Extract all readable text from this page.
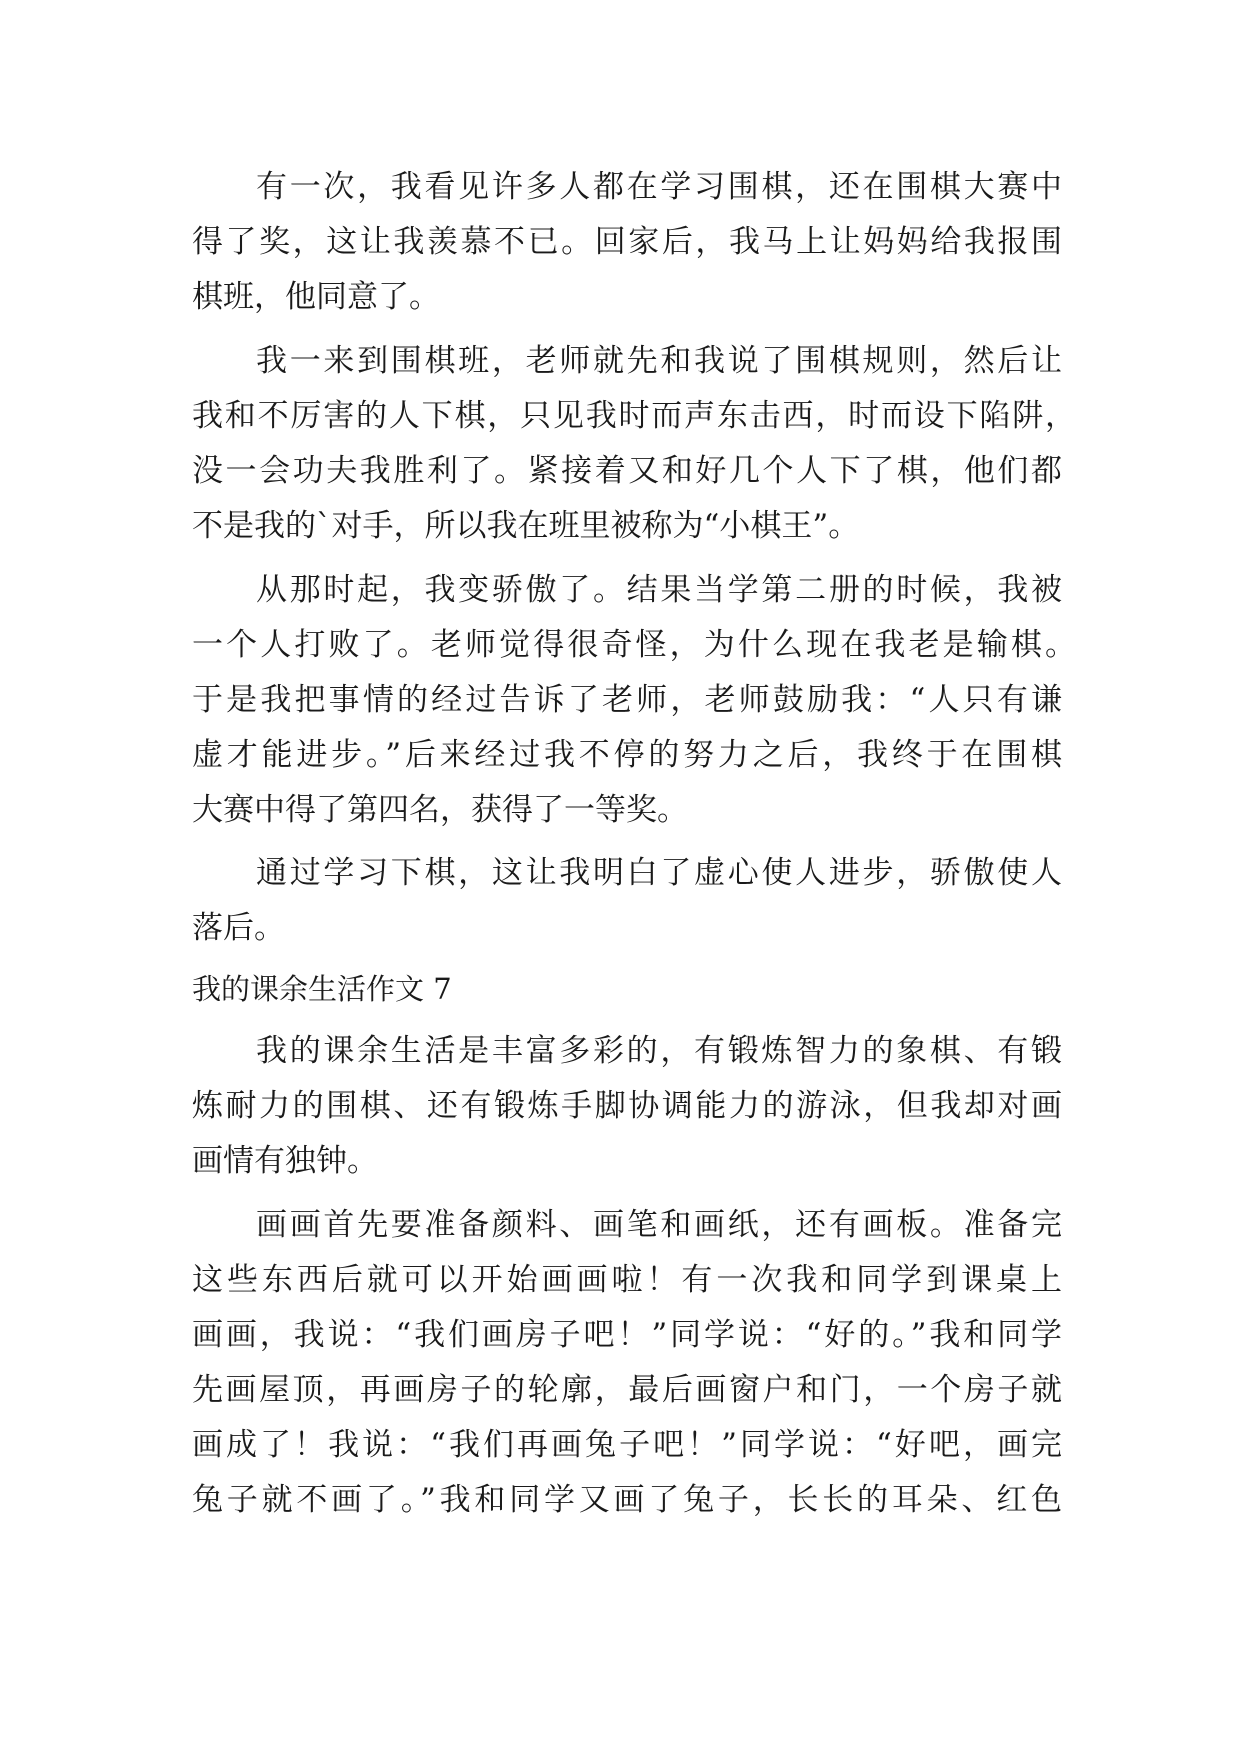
有一次，我看见许多人都在学习围棋，还在围棋大赛中
得了奖，这让我羡慕不已。回家后，我马上让妈妈给我报围
棋班，他同意了。
我一来到围棋班，老师就先和我说了围棋规则，然后让
我和不厉害的人下棋，只见我时而声东击西，时而设下陷阱，
没一会功夫我胜利了。紧接着又和好几个人下了棋，他们都
不是我的`对手，所以我在班里被称为“小棋王”。
从那时起，我变骄傲了。结果当学第二册的时候，我被
一个人打败了。老师觉得很奇怪，为什么现在我老是输棋。
于是我把事情的经过告诉了老师，老师鼓励我：“人只有谦
虚才能进步。”后来经过我不停的努力之后，我终于在围棋
大赛中得了第四名，获得了一等奖。
通过学习下棋，这让我明白了虚心使人进步，骄傲使人
落后。
我的课余生活作文 7
我的课余生活是丰富多彩的，有锻炼智力的象棋、有锻
炼耐力的围棋、还有锻炼手脚协调能力的游泳，但我却对画
画情有独钟。
画画首先要准备颜料、画笔和画纸，还有画板。准备完
这些东西后就可以开始画画啦！有一次我和同学到课桌上
画画，我说：“我们画房子吧！”同学说：“好的。”我和同学
先画屋顶，再画房子的轮廓，最后画窗户和门，一个房子就
画成了！我说：“我们再画兔子吧！”同学说：“好吧，画完
兔子就不画了。”我和同学又画了兔子，长长的耳朵、红色
